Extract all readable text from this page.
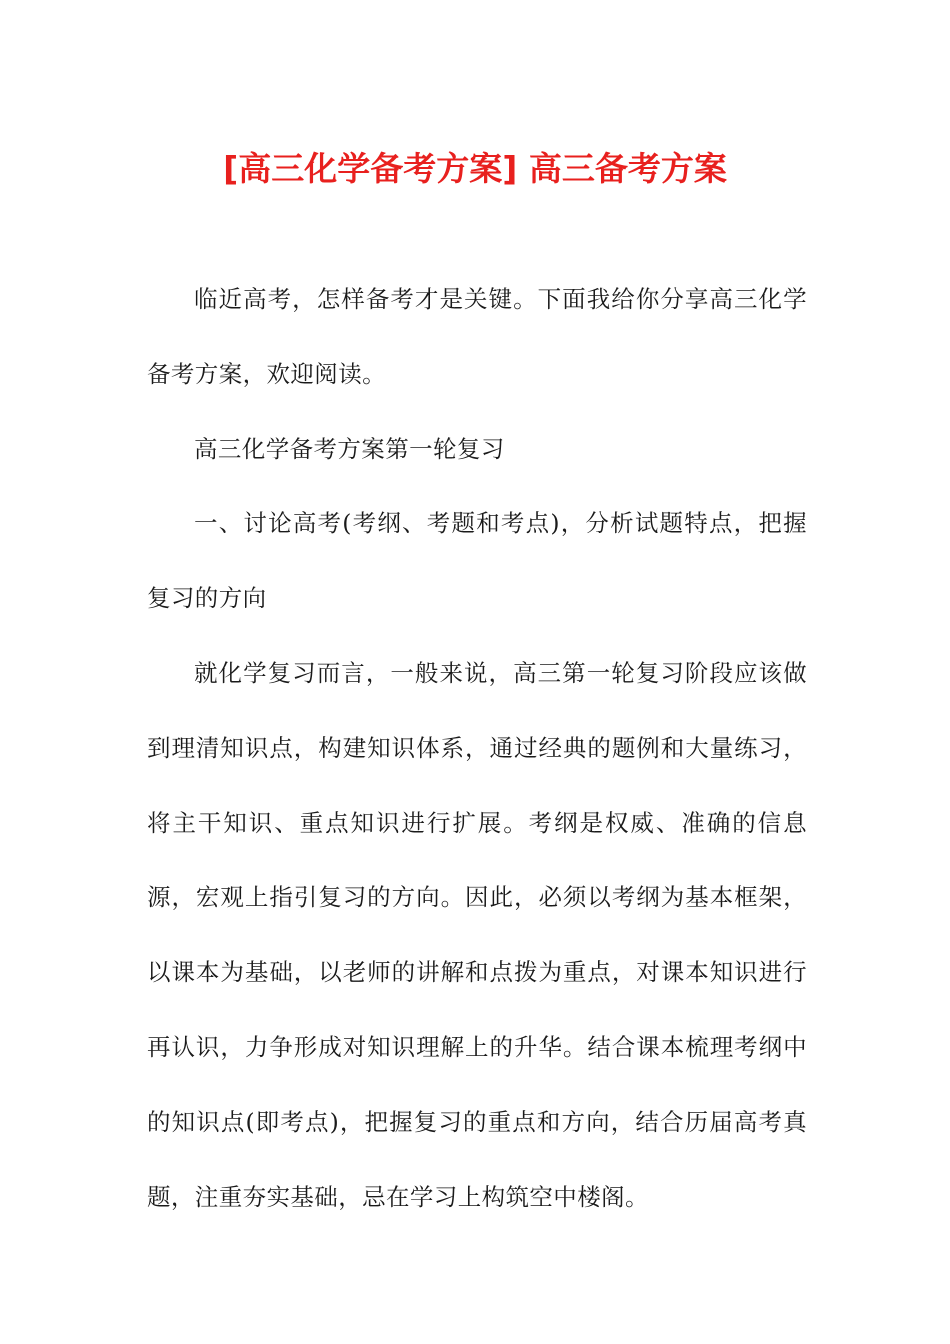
[高三化学备考方案] 高三备考方案

临近高考，怎样备考才是关键。下面我给你分享高三化学备考方案，欢迎阅读。

高三化学备考方案第一轮复习

一、讨论高考(考纲、考题和考点)，分析试题特点，把握复习的方向

就化学复习而言，一般来说，高三第一轮复习阶段应该做到理清知识点，构建知识体系，通过经典的题例和大量练习，将主干知识、重点知识进行扩展。考纲是权威、准确的信息源，宏观上指引复习的方向。因此，必须以考纲为基本框架，以课本为基础，以老师的讲解和点拨为重点，对课本知识进行再认识，力争形成对知识理解上的升华。结合课本梳理考纲中的知识点(即考点)，把握复习的重点和方向，结合历届高考真题，注重夯实基础，忌在学习上构筑空中楼阁。
